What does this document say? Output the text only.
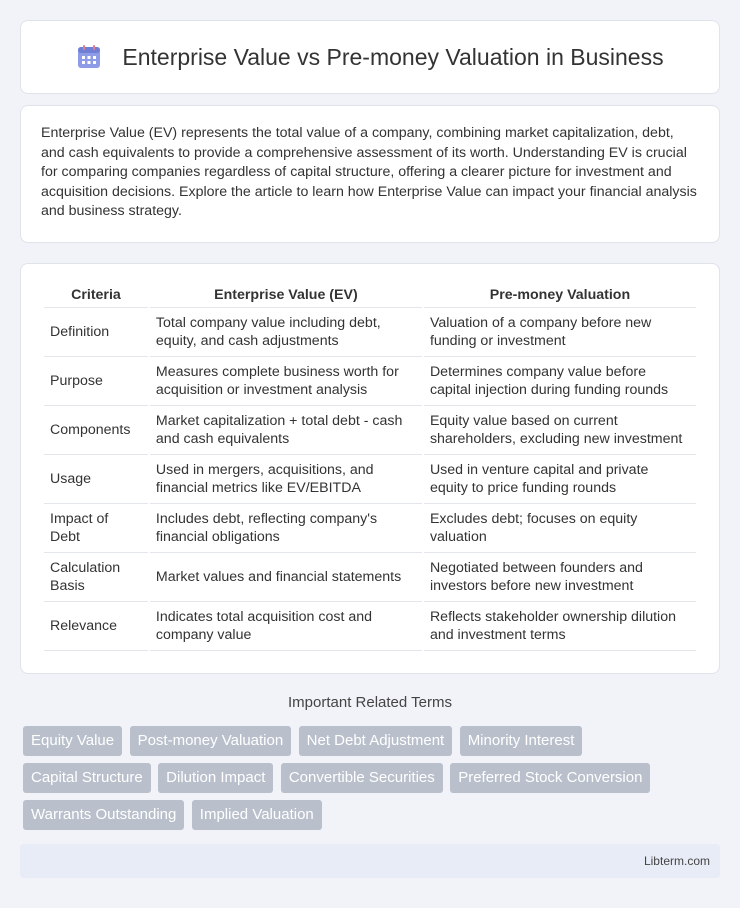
Enterprise Value vs Pre-money Valuation in Business

Enterprise Value (EV) represents the total value of a company, combining market capitalization, debt, and cash equivalents to provide a comprehensive assessment of its worth. Understanding EV is crucial for comparing companies regardless of capital structure, offering a clearer picture for investment and acquisition decisions. Explore the article to learn how Enterprise Value can impact your financial analysis and business strategy.

Criteria	Enterprise Value (EV)	Pre-money Valuation
Definition	Total company value including debt, equity, and cash adjustments	Valuation of a company before new funding or investment
Purpose	Measures complete business worth for acquisition or investment analysis	Determines company value before capital injection during funding rounds
Components	Market capitalization + total debt - cash and cash equivalents	Equity value based on current shareholders, excluding new investment
Usage	Used in mergers, acquisitions, and financial metrics like EV/EBITDA	Used in venture capital and private equity to price funding rounds
Impact of Debt	Includes debt, reflecting company's financial obligations	Excludes debt; focuses on equity valuation
Calculation Basis	Market values and financial statements	Negotiated between founders and investors before new investment
Relevance	Indicates total acquisition cost and company value	Reflects stakeholder ownership dilution and investment terms
Important Related Terms
Equity Value Post-money Valuation Net Debt Adjustment Minority Interest
Capital Structure Dilution Impact Convertible Securities Preferred Stock Conversion
Warrants Outstanding Implied Valuation
Libterm.com
